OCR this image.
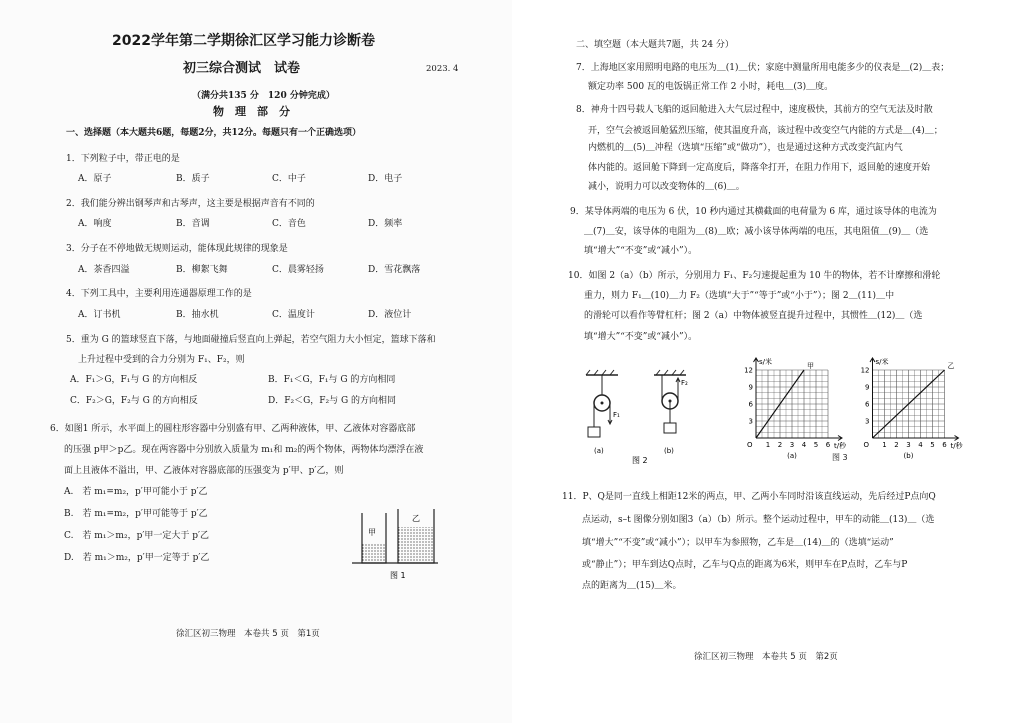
2022学年第二学期徐汇区学习能力诊断卷
初三综合测试　试卷	2023. 4
（满分共135 分　120 分钟完成）
物　理　部　分
一、选择题（本大题共6题，每题2分，共12分。每题只有一个正确选项）
1．下列粒子中，带正电的是
A．原子	B．质子	C．中子	D．电子
2．我们能分辨出钢琴声和古琴声，这主要是根据声音有不同的
A．响度	B．音调	C．音色	D．频率
3．分子在不停地做无规则运动，能体现此规律的现象是
A．茶香四溢	B．柳絮飞舞	C．晨雾轻扬	D．雪花飘落
4．下列工具中，主要利用连通器原理工作的是
A．订书机	B．抽水机	C．温度计	D．液位计
5．重为 G 的篮球竖直下落，与地面碰撞后竖直向上弹起，若空气阻力大小恒定，篮球下落和
上升过程中受到的合力分别为 F₁、F₂，则
A．F₁＞G，F₁与 G 的方向相反	B．F₁＜G，F₁与 G 的方向相同
C．F₂＞G，F₂与 G 的方向相反	D．F₂＜G，F₂与 G 的方向相同
6．如图1 所示，水平面上的圆柱形容器中分别盛有甲、乙两种液体，甲、乙液体对容器底部
的压强 p甲＞p乙。现在两容器中分别放入质量为 m₁和 m₂的两个物体，两物体均漂浮在液
面上且液体不溢出，甲、乙液体对容器底部的压强变为 p′甲、p′乙，则
A.　若 m₁=m₂，p′甲可能小于 p′乙
B.　若 m₁=m₂，p′甲可能等于 p′乙
C.　若 m₁＞m₂，p′甲一定大于 p′乙
D.　若 m₁＞m₂，p′甲一定等于 p′乙
甲
乙
图 1
徐汇区初三物理　本卷共 5 页　第1页
二、填空题（本大题共7题，共 24 分）
7．上海地区家用照明电路的电压为＿(1)＿伏；家庭中测量所用电能多少的仪表是＿(2)＿表；
额定功率 500 瓦的电饭锅正常工作 2 小时，耗电＿(3)＿度。
8．神舟十四号载人飞船的返回舱进入大气层过程中，速度极快，其前方的空气无法及时散
开，空气会被返回舱猛烈压缩，使其温度升高，该过程中改变空气内能的方式是＿(4)＿；
内燃机的＿(5)＿冲程（选填“压缩”或“做功”），也是通过这种方式改变汽缸内气
体内能的。返回舱下降到一定高度后，降落伞打开，在阻力作用下，返回舱的速度开始
减小，说明力可以改变物体的＿(6)＿。
9．某导体两端的电压为 6 伏，10 秒内通过其横截面的电荷量为 6 库，通过该导体的电流为
＿(7)＿安，该导体的电阻为＿(8)＿欧；减小该导体两端的电压，其电阻值＿(9)＿（选
填“增大”“不变”或“减小”）。
10．如图 2（a）（b）所示，分别用力 F₁、F₂匀速提起重为 10 牛的物体，若不计摩擦和滑轮
重力，则力 F₁＿(10)＿力 F₂（选填“大于”“等于”或“小于”）；图 2＿(11)＿中
的滑轮可以看作等臂杠杆；图 2（a）中物体被竖直提升过程中，其惯性＿(12)＿（选
填“增大”“不变”或“减小”）。
F₁
(a)
F₂
(b)
图 2
s/米
t/秒
O
12
9
6
3
1 2 3 4 5 6
甲
(a)
s/米
t/秒
O
12
9
6
3
1 2 3 4 5 6
乙
(b)
图 3
11．P、Q是同一直线上相距12米的两点，甲、乙两小车同时沿该直线运动，先后经过P点向Q
点运动，s–t 图像分别如图3（a）（b）所示。整个运动过程中，甲车的动能＿(13)＿（选
填“增大”“不变”或“减小”）；以甲车为参照物，乙车是＿(14)＿的（选填“运动”
或“静止”）；甲车到达Q点时，乙车与Q点的距离为6米，则甲车在P点时，乙车与P
点的距离为＿(15)＿米。
徐汇区初三物理　本卷共 5 页　第2页
